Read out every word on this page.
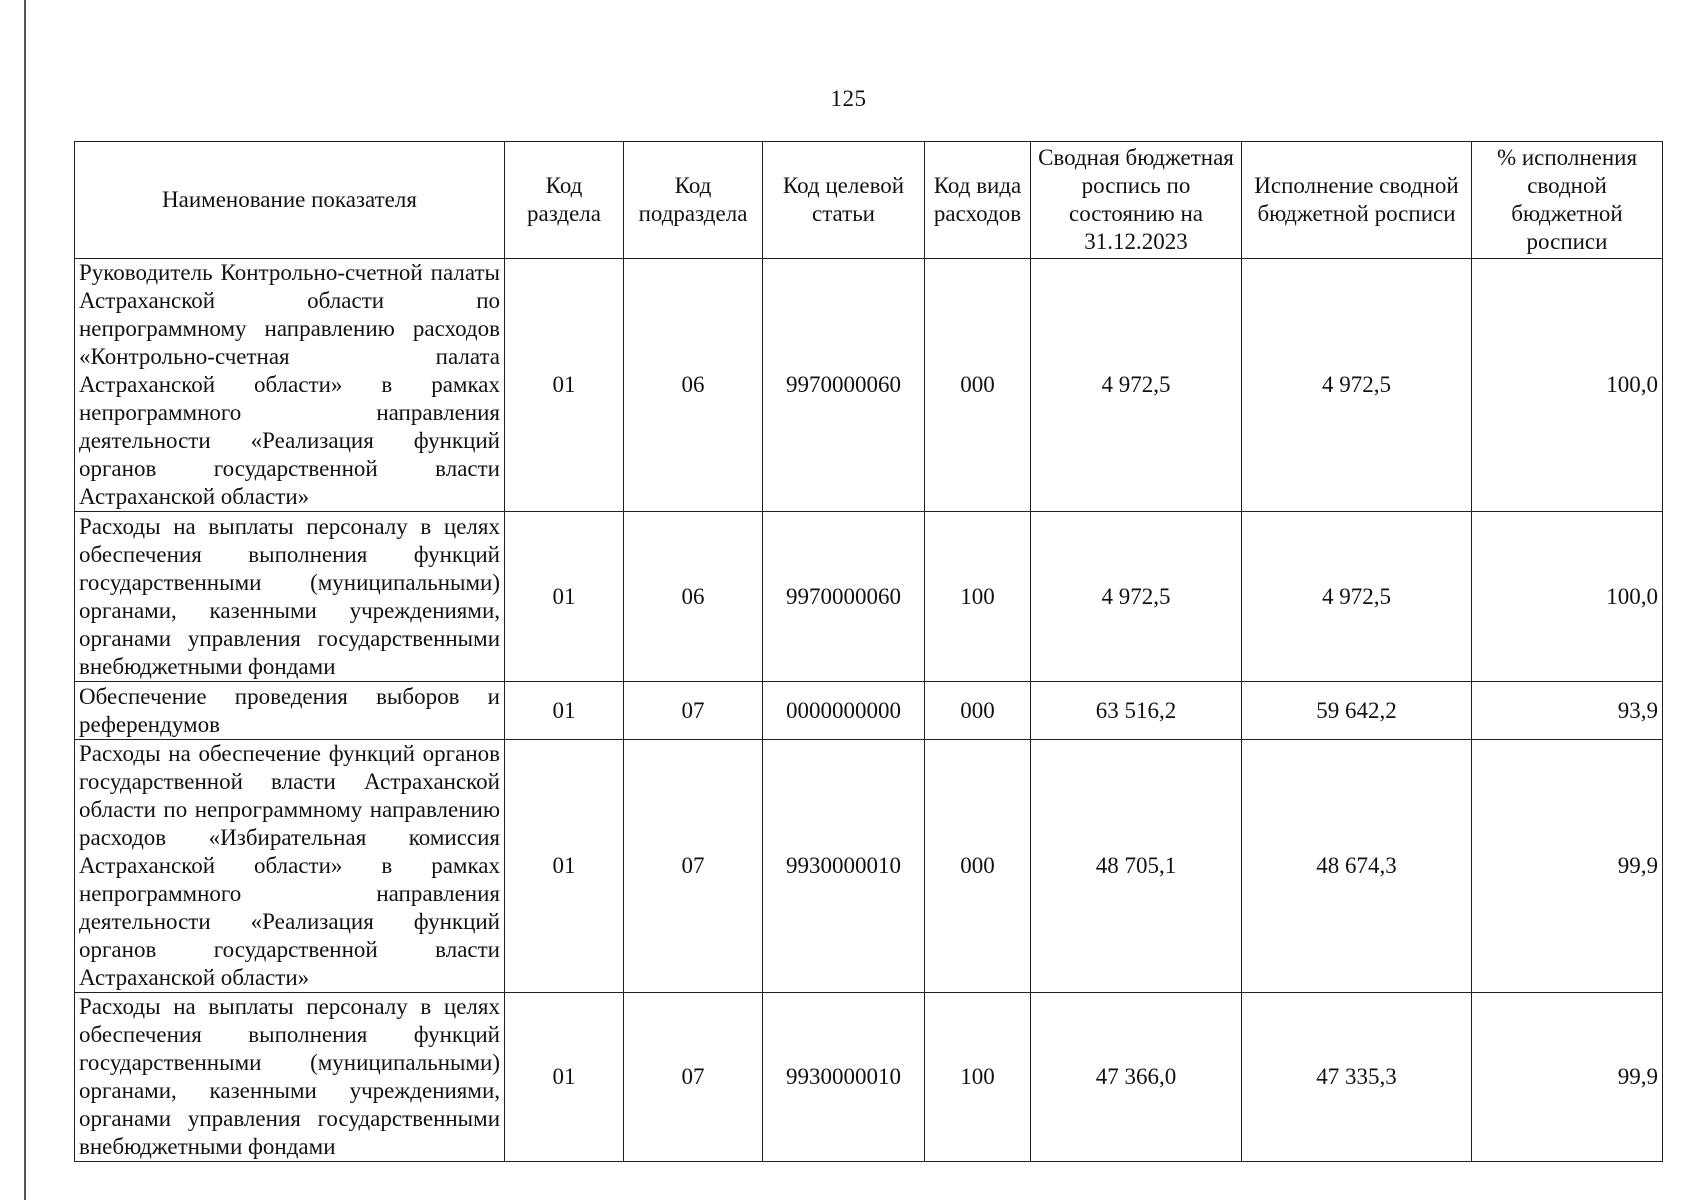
125
Наименование показателя	Код раздела	Код подраздела	Код целевой статьи	Код вида расходов	Сводная бюджетная роспись по состоянию на 31.12.2023	Исполнение сводной бюджетной росписи	% исполнения сводной бюджетной росписи
Руководитель Контрольно-счетной палаты Астраханской области по непрограммному направлению расходов «Контрольно-счетная палата Астраханской области» в рамках непрограммного направления деятельности «Реализация функций органов государственной власти Астраханской области»	01	06	9970000060	000	4 972,5	4 972,5	100,0
Расходы на выплаты персоналу в целях обеспечения выполнения функций государственными (муниципальными) органами, казенными учреждениями, органами управления государственными внебюджетными фондами	01	06	9970000060	100	4 972,5	4 972,5	100,0
Обеспечение проведения выборов и референдумов	01	07	0000000000	000	63 516,2	59 642,2	93,9
Расходы на обеспечение функций органов государственной власти Астраханской области по непрограммному направлению расходов «Избирательная комиссия Астраханской области» в рамках непрограммного направления деятельности «Реализация функций органов государственной власти Астраханской области»	01	07	9930000010	000	48 705,1	48 674,3	99,9
Расходы на выплаты персоналу в целях обеспечения выполнения функций государственными (муниципальными) органами, казенными учреждениями, органами управления государственными внебюджетными фондами	01	07	9930000010	100	47 366,0	47 335,3	99,9
